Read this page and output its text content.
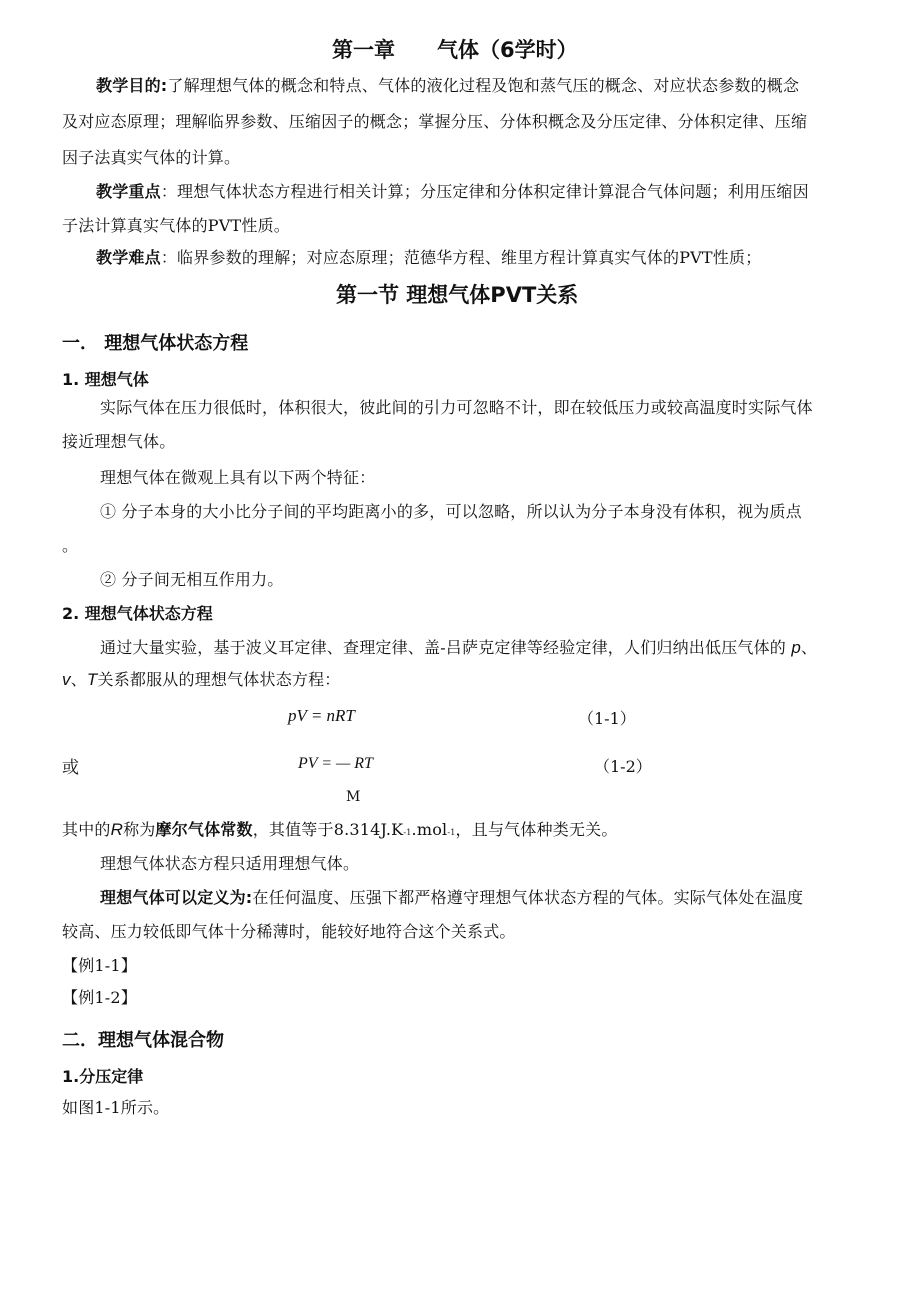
第一章 气体（6学时）
教学目的:了解理想气体的概念和特点、气体的液化过程及饱和蒸气压的概念、对应状态参数的概念
及对应态原理；理解临界参数、压缩因子的概念；掌握分压、分体积概念及分压定律、分体积定律、压缩
因子法真实气体的计算。
教学重点：理想气体状态方程进行相关计算；分压定律和分体积定律计算混合气体问题；利用压缩因
子法计算真实气体的PVT性质。
教学难点：临界参数的理解；对应态原理；范德华方程、维里方程计算真实气体的PVT性质；
第一节 理想气体PVT关系
一． 理想气体状态方程
1. 理想气体
实际气体在压力很低时，体积很大，彼此间的引力可忽略不计，即在较低压力或较高温度时实际气体
接近理想气体。
理想气体在微观上具有以下两个特征：
① 分子本身的大小比分子间的平均距离小的多，可以忽略，所以认为分子本身没有体积，视为质点
。
② 分子间无相互作用力。
2. 理想气体状态方程
通过大量实验，基于波义耳定律、查理定律、盖-吕萨克定律等经验定律，人们归纳出低压气体的 p、
v、T关系都服从的理想气体状态方程：
pV = nRT	（1-1）
或	PV = — RT	（1-2）
M
其中的R称为摩尔气体常数，其值等于8.314J.K-1.mol-1，且与气体种类无关。
理想气体状态方程只适用理想气体。
理想气体可以定义为:在任何温度、压强下都严格遵守理想气体状态方程的气体。实际气体处在温度
较高、压力较低即气体十分稀薄时，能较好地符合这个关系式。
【例1-1】
【例1-2】
二．理想气体混合物
1.分压定律
如图1-1所示。
